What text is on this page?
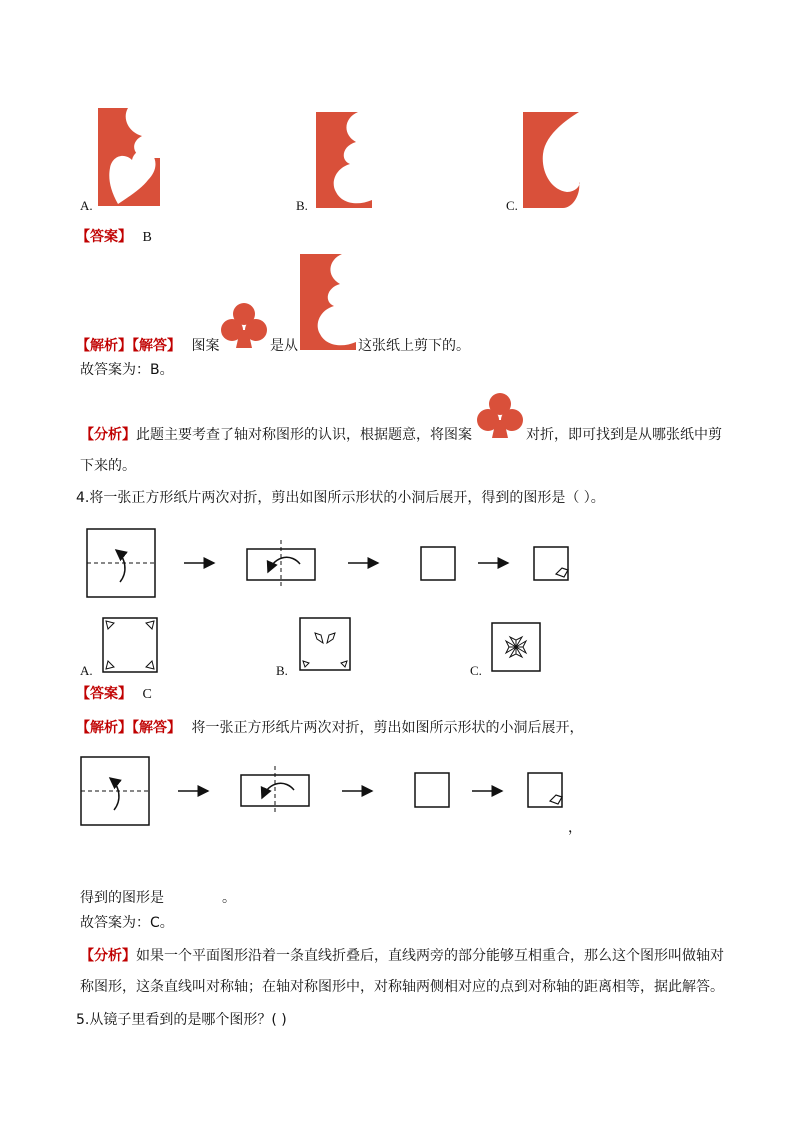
A.	B.	C.
【答案】 B
【解析】【解答】 图案	是从	这张纸上剪下的。
故答案为：B。
【分析】此题主要考查了轴对称图形的认识，根据题意，将图案	对折，即可找到是从哪张纸中剪
下来的。
4.将一张正方形纸片两次对折，剪出如图所示形状的小洞后展开，得到的图形是（ ）。
A.	B.	C.
【答案】 C
【解析】【解答】 将一张正方形纸片两次对折，剪出如图所示形状的小洞后展开，
，
得到的图形是	。
故答案为：C。
【分析】如果一个平面图形沿着一条直线折叠后，直线两旁的部分能够互相重合，那么这个图形叫做轴对
称图形，这条直线叫对称轴；在轴对称图形中，对称轴两侧相对应的点到对称轴的距离相等，据此解答。
5.从镜子里看到的是哪个图形？( )
